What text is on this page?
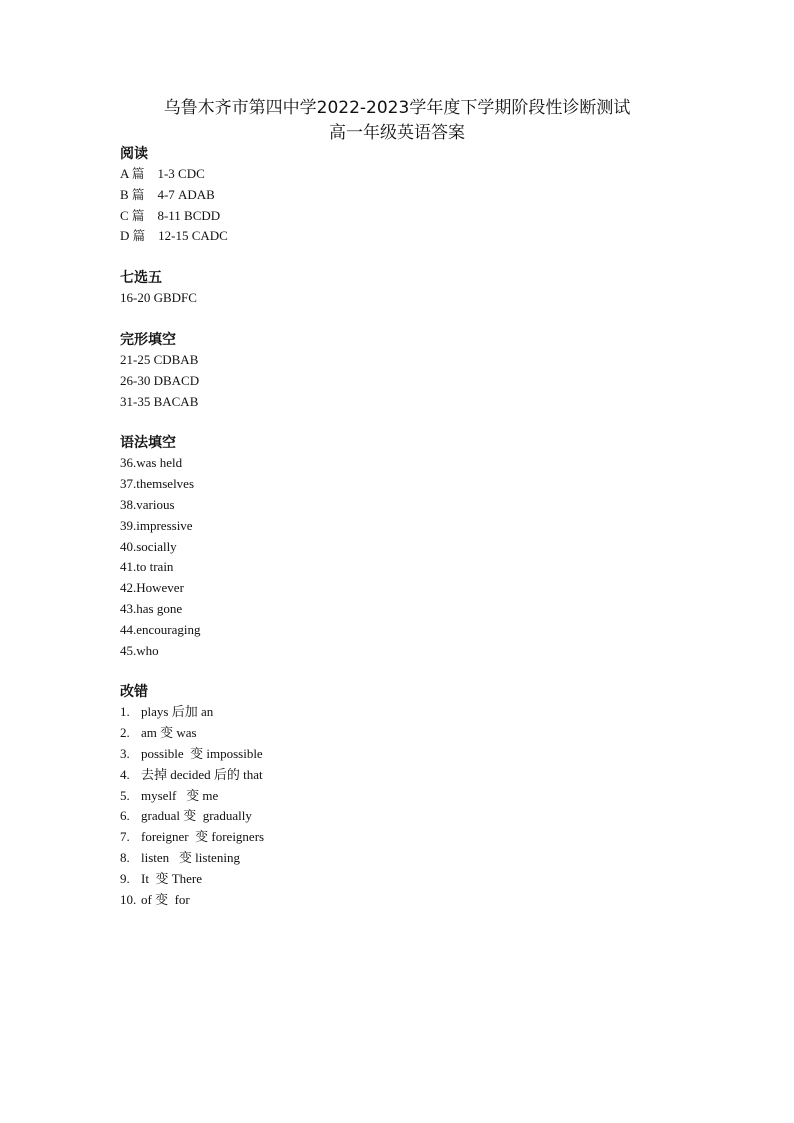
乌鲁木齐市第四中学2022-2023学年度下学期阶段性诊断测试
高一年级英语答案
阅读
A 篇 1-3 CDC
B 篇 4-7 ADAB
C 篇 8-11 BCDD
D 篇 12-15 CADC
七选五
16-20 GBDFC
完形填空
21-25 CDBAB
26-30 DBACD
31-35 BACAB
语法填空
36.was held
37.themselves
38.various
39.impressive
40.socially
41.to train
42.However
43.has gone
44.encouraging
45.who
改错
1. plays 后加 an
2. am 变 was
3. possible  变 impossible
4. 去掉 decided 后的 that
5. myself   变 me
6. gradual 变  gradually
7. foreigner  变 foreigners
8. listen   变 listening
9. It  变 There
10. of 变  for
